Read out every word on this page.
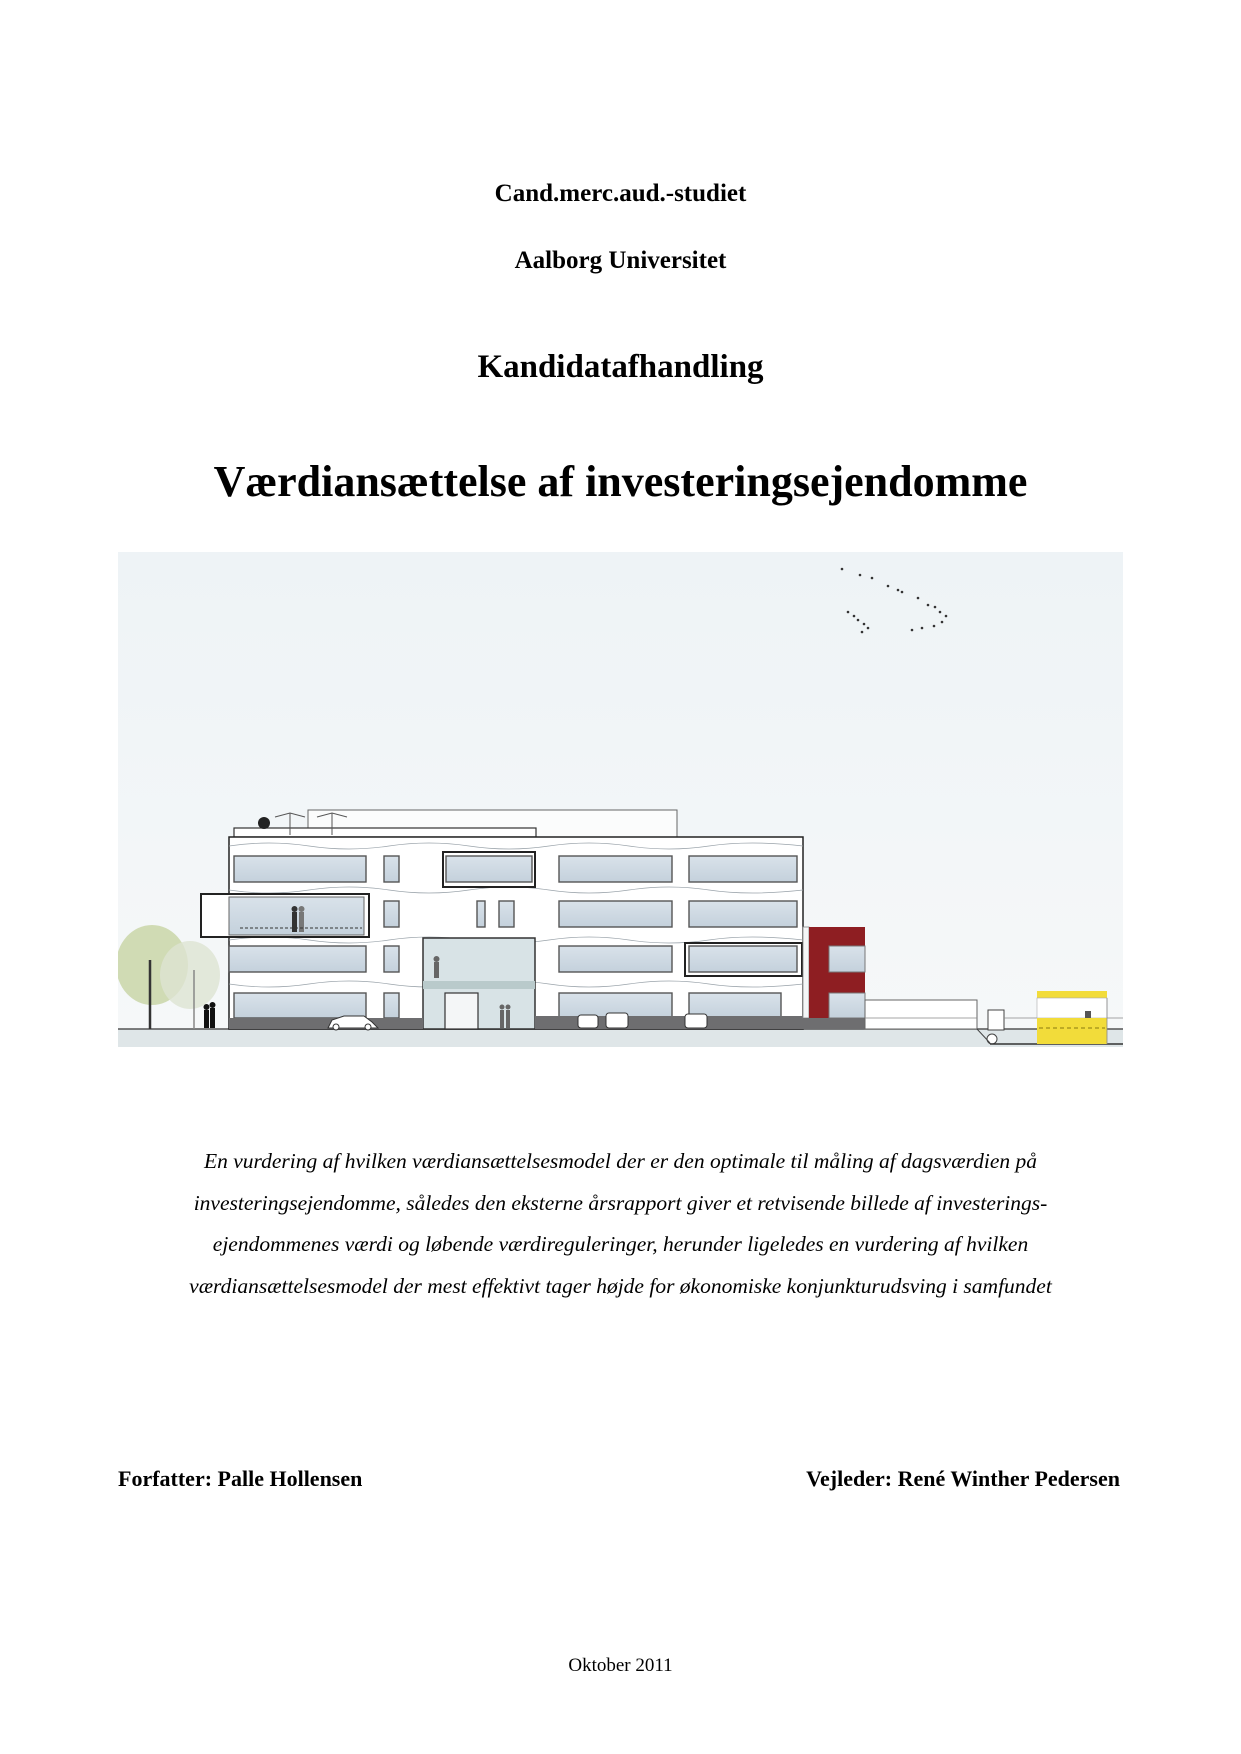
Cand.merc.aud.-studiet
Aalborg Universitet
Kandidatafhandling
Værdiansættelse af investeringsejendomme
En vurdering af hvilken værdiansættelsesmodel der er den optimale til måling af dagsværdien på
investeringsejendomme, således den eksterne årsrapport giver et retvisende billede af investerings-
ejendommenes værdi og løbende værdireguleringer, herunder ligeledes en vurdering af hvilken
værdiansættelsesmodel der mest effektivt tager højde for økonomiske konjunkturudsving i samfundet
Forfatter: Palle Hollensen	Vejleder: René Winther Pedersen
Oktober 2011
